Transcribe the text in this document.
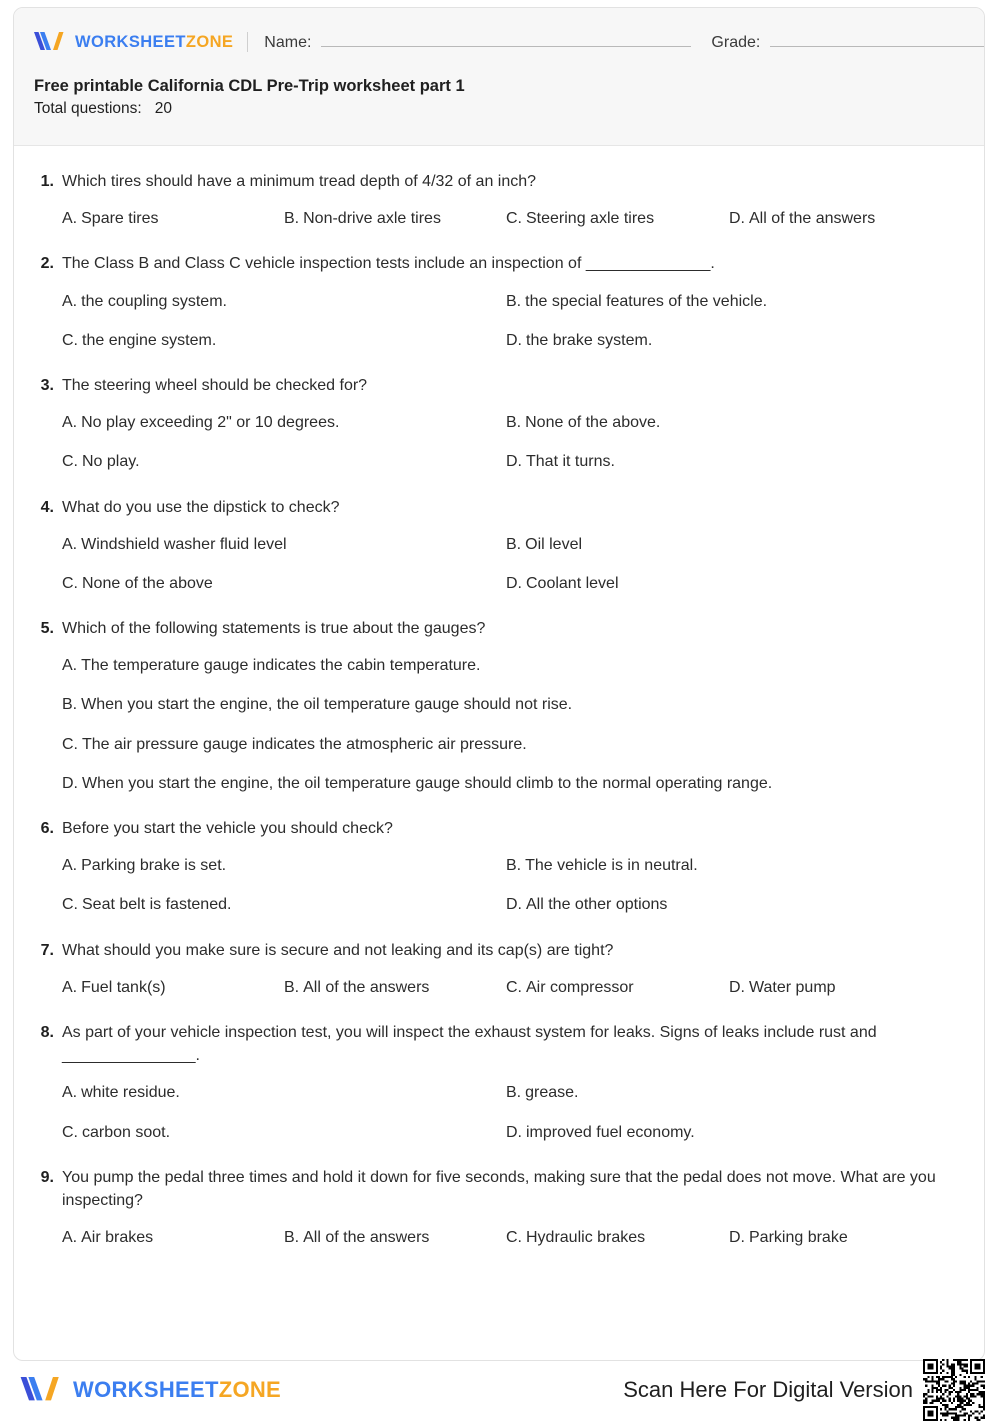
WORKSHEETZONE Name:	Grade:

Free printable California CDL Pre-Trip worksheet part 1

Total questions: 20

1. Which tires should have a minimum tread depth of 4/32 of an inch?

A. Spare tires	B. Non-drive axle tires	C. Steering axle tires	D. All of the answers
2. The Class B and Class C vehicle inspection tests include an inspection of ______________.

A. the coupling system.	B. the special features of the vehicle.
C. the engine system.	D. the brake system.
3. The steering wheel should be checked for?

A. No play exceeding 2" or 10 degrees.	B. None of the above.
C. No play.	D. That it turns.
4. What do you use the dipstick to check?

A. Windshield washer fluid level	B. Oil level
C. None of the above	D. Coolant level
5. Which of the following statements is true about the gauges?

A. The temperature gauge indicates the cabin temperature.
B. When you start the engine, the oil temperature gauge should not rise.
C. The air pressure gauge indicates the atmospheric air pressure.
D. When you start the engine, the oil temperature gauge should climb to the normal operating range.
6. Before you start the vehicle you should check?

A. Parking brake is set.	B. The vehicle is in neutral.
C. Seat belt is fastened.	D. All the other options
7. What should you make sure is secure and not leaking and its cap(s) are tight?

A. Fuel tank(s)	B. All of the answers	C. Air compressor	D. Water pump
8. As part of your vehicle inspection test, you will inspect the exhaust system for leaks. Signs of leaks include rust and _______________.

A. white residue.	B. grease.
C. carbon soot.	D. improved fuel economy.
9. You pump the pedal three times and hold it down for five seconds, making sure that the pedal does not move. What are you inspecting?

A. Air brakes	B. All of the answers	C. Hydraulic brakes	D. Parking brake
WORKSHEETZONE	Scan Here For Digital Version
